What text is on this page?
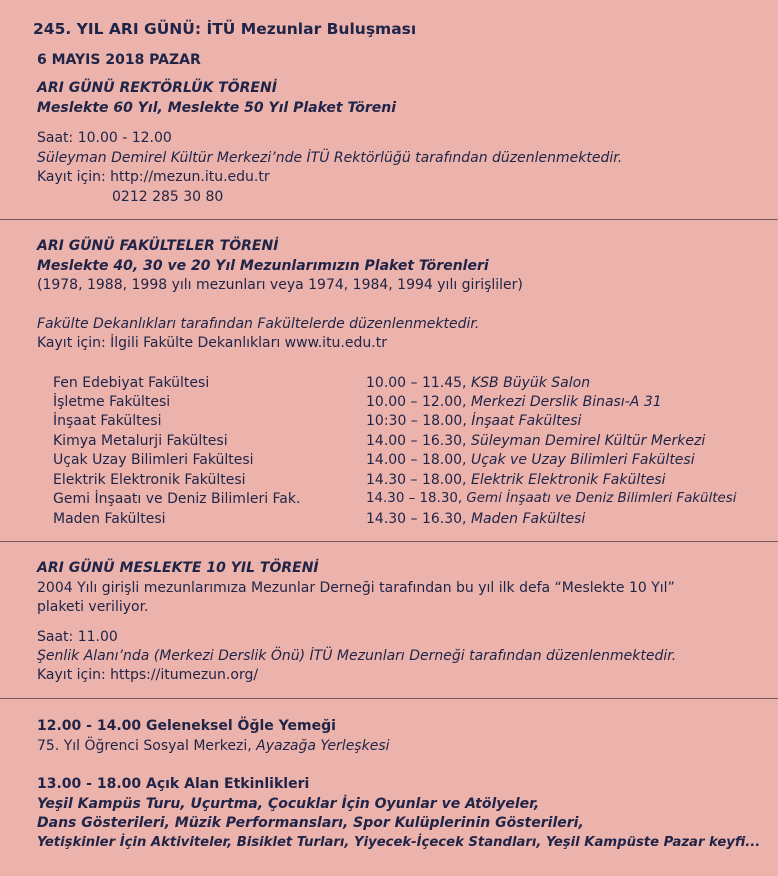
245. YIL ARI GÜNÜ: İTÜ Mezunlar Buluşması
6 MAYIS 2018 PAZAR
ARI GÜNÜ REKTÖRLÜK TÖRENİ
Meslekte 60 Yıl, Meslekte 50 Yıl Plaket Töreni
Saat: 10.00 - 12.00
Süleyman Demirel Kültür Merkezi’nde İTÜ Rektörlüğü tarafından düzenlenmektedir.
Kayıt için: http://mezun.itu.edu.tr
0212 285 30 80
ARI GÜNÜ FAKÜLTELER TÖRENİ
Meslekte 40, 30 ve 20 Yıl Mezunlarımızın Plaket Törenleri
(1978, 1988, 1998 yılı mezunları veya 1974, 1984, 1994 yılı girişliler)
Fakülte Dekanlıkları tarafından Fakültelerde düzenlenmektedir.
Kayıt için: İlgili Fakülte Dekanlıkları www.itu.edu.tr
Fen Edebiyat Fakültesi	10.00 – 11.45, KSB Büyük Salon
İşletme Fakültesi	10.00 – 12.00, Merkezi Derslik Binası-A 31
İnşaat Fakültesi	10:30 – 18.00, İnşaat Fakültesi
Kimya Metalurji Fakültesi	14.00 – 16.30, Süleyman Demirel Kültür Merkezi
Uçak Uzay Bilimleri Fakültesi	14.00 – 18.00, Uçak ve Uzay Bilimleri Fakültesi
Elektrik Elektronik Fakültesi	14.30 – 18.00, Elektrik Elektronik Fakültesi
Gemi İnşaatı ve Deniz Bilimleri Fak.	14.30 – 18.30, Gemi İnşaatı ve Deniz Bilimleri Fakültesi
Maden Fakültesi	14.30 – 16.30, Maden Fakültesi
ARI GÜNÜ MESLEKTE 10 YIL TÖRENİ
2004 Yılı girişli mezunlarımıza Mezunlar Derneği tarafından bu yıl ilk defa “Meslekte 10 Yıl”
plaketi veriliyor.
Saat: 11.00
Şenlik Alanı’nda (Merkezi Derslik Önü) İTÜ Mezunları Derneği tarafından düzenlenmektedir.
Kayıt için: https://itumezun.org/
12.00 - 14.00 Geleneksel Öğle Yemeği
75. Yıl Öğrenci Sosyal Merkezi, Ayazağa Yerleşkesi
13.00 - 18.00 Açık Alan Etkinlikleri
Yeşil Kampüs Turu, Uçurtma, Çocuklar İçin Oyunlar ve Atölyeler,
Dans Gösterileri, Müzik Performansları, Spor Kulüplerinin Gösterileri,
Yetişkinler İçin Aktiviteler, Bisiklet Turları, Yiyecek-İçecek Standları, Yeşil Kampüste Pazar keyfi...
